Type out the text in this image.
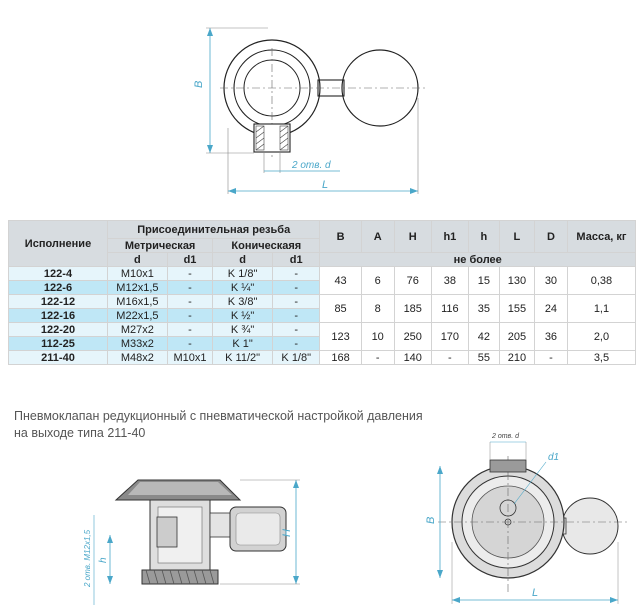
B
2 отв. d
L
Исполнение	Присоединительная резьба				B	A	H	h1	h	L	D	Масса, кг
	Метрическая		Коническаяя									
	d	d1	d	d1	не более							
122-4	M10x1	-	K 1/8"	-	43	6	76	38	15	130	30	0,38
122-6	M12x1,5	-	K ¼"	-								
122-12	M16x1,5	-	K 3/8"	-	85	8	185	116	35	155	24	1,1
122-16	M22x1,5	-	K ½"	-								
122-20	M27x2	-	K ¾"	-	123	10	250	170	42	205	36	2,0
112-25	M33x2	-	K 1"	-								
211-40	M48x2	M10x1	K 11/2"	K 1/8"	168	-	140	-	55	210	-	3,5
Пневмоклапан редукционный с пневматической настройкой давления
на выходе типа 211-40
H
h
2 отв. M12x1,5
2 отв. d
d1
B
L
